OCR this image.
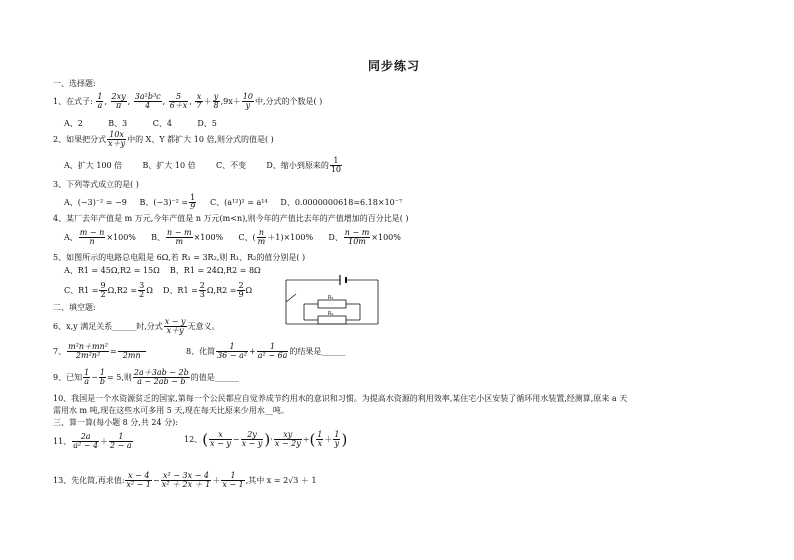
同步练习
一、选择题:
1、在式子: $\frac{1}{a}$ , $\frac{2xy}{\pi}$ , $\frac{\text{3a²b³c}}{4}$ , $\frac{5}{6+x}$ , $\frac{x}{7} + \frac{y}{8} ,9x+ \frac{10}{y}$ 中,分式的个数是( )
A、2          B、3          C、4          D、5
2、如果把分式 $\frac{10x}{x+y}$ 中的 X、Y 都扩大 10 倍,则分式的值是( )
A、扩大 100 倍        B、扩大 10 倍        C、不变        D、缩小到原来的 $\frac{1}{10}$
3、下列等式成立的是( )
A、(−3)⁻² = −9 B、$(-3)^{-2} = \frac{1}{9}$ C、(a¹²)² = a¹⁴ D、0.0000000618=6.18×10⁻⁷
4、某厂去年产值是 m 万元,今年产值是 n 万元(m<n),则今年的产值比去年的产值增加的百分比是( )
A、 $\frac{m - n}{n} \times 100\%$ B、 $\frac{n - m}{m} \times 100\%$ C、( $\frac{n}{m} +1)\times 100\%$ D、 $\frac{n - m}{10m} \times 100\%$
5、如图所示的电路总电阻是 6Ω,若 R₁ = 3R₂,则 R₁、R₂的值分别是( )
A、R1 = 45Ω,R2 = 15Ω    B、R1 = 24Ω,R2 = 8Ω
C、$R1 = \frac{9}{2} \Omega,R2 = \frac{3}{2}$ Ω    D、$R1 = \frac{2}{3} \Omega,R2 = \frac{2}{9}$ Ω
R₁
R₂
二、填空题:
6、x,y 满足关系______时,分式 $\frac{x - y}{x+y}$ 无意义。
7、 $\frac{\text{m²n＋mn²}}{\text{2m²n²}}$ =
2mn	8、化简 $\frac{1}{\text{36 − a²}} + \frac{1}{\text{a² − 6a}}$ 的结果是______
9、已知 $\frac{1}{a} - \frac{1}{b} = 5$,则 $\frac{2a+3ab - 2b}{a - 2ab - b}$ 的值是______
10、我国是一个水资源贫乏的国家,第每一个公民都应自觉养成节约用水的意识和习惯。为提高水资源的利用效率,某住宅小区安装了循环用水装置,经测算,原来 a 天
需用水 m 吨,现在这些水可多用 5 天,现在每天比原来少用水__吨。
三、算一算(每小题 8 分,共 24 分):
11、 $\frac{2a}{\text{a² − 4}} + \frac{1}{2 - a}$	12、( $\frac{x}{x - y} - \frac{2y}{x - y}$ )· $\frac{xy}{x - 2y}$ ÷( $\frac{1}{x} + \frac{1}{y}$ )
13、先化简,再求值: $\frac{x - 4}{\text{x² − 1}} - \frac{\text{x² − 3x − 4}}{\text{x² ＋ 2x ＋ 1}} + \frac{1}{x - 1}$ ,其中 x = 2√3 ＋ 1
